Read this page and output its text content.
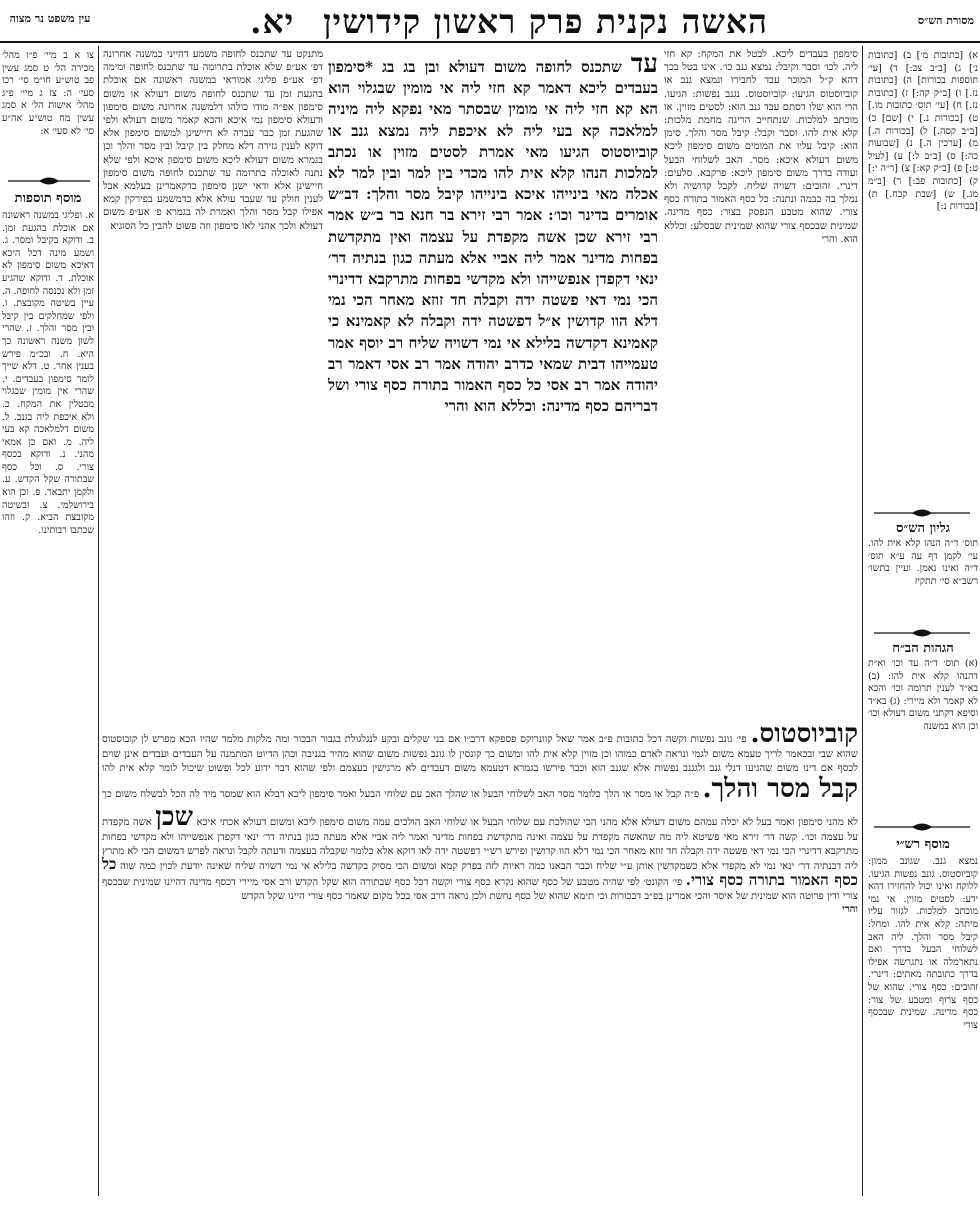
מסורת הש״ס
האשה נקנית פרק ראשון קידושין
יא.
עין משפט נר מצוה
א) [כתובות מ׳] ב) [כתובות נ׳] ג) [ב״ב צב:] ד) [עי׳ תוספות בכורות] ה) [כתובות נז.] ו) [ב״ק קה:] ז) [כתובות נז.] ח) [עי׳ תוס׳ כתובות מו.] ט) [בכורות נ.] י) [שם] כ) [ב״ב קסה.] ל) [בכורות ה.] מ) [ערכין ה.] נ) [שבועות כה:] ס) [ב״ב ל:] ע) [לעיל ט:] פ) [ב״ק קא:] צ) [ר״ה י:] ק) [כתובות פב:] ר) [ב״מ מג.] ש) [שבת קכח.] ת) [בכורות נ:]
גליון הש״ס
תוס׳ ד״ה הנהו קלא אית להו. עי׳ לקמן דף עה ע״א תוס׳ ד״ה ואינו נאמן. ועיין בתשו׳ רשב״א סי׳ תתקיז
הגהות הב״ח
(א) תוס׳ ד״ה עד וכו׳ וא״ת דהנהו קלא אית להו: (ב) בא״ד לענין תרומה וכו׳ והכא לא קאמר ולא מיירי: (ג) בא״ד וסיפא דקתני משום דעולא וכו׳ וכן הוא במשנה
מוסף רש״י
נמצא גנב. שגונב ממון: קוביוסטוס. גונב נפשות הגיעו. ללוקח ואינו יכול להחזירו דהא ידע: לסטים מזוין. אי נמי מוכתב למלכות. לגזור עליו מיתה: קלא אית להו. ומחל: קיבל מסר והלך. ליה האב לשלוחי הבעל בדרך ואם נתארמלה או נתגרשה אפילו בדרך כתובתה מאתים: דינרי. זהובים: כסף צורי. שהוא של כסף צרוף ומטבע של צור: כסף מדינה. שמינית שבכסף צורי
צו א ב מיי׳ פ״ו מהל׳ מכירה הל׳ ט סמג עשין פב טוש״ע חו״מ סי׳ רכו סעי׳ ה: צז ג מיי׳ פ״ג מהל׳ אישות הל׳ א סמג עשין מח טוש״ע אה״ע סי׳ לא סעי׳ א:
מוסף תוספות
א. ופליגי במשנה ראשונה אם אוכלת בהגעת זמן. ב. ודוקא בקיבל ומסר. ג. ושמע מינה דכל היכא דאיכא משום סימפון לא אוכלת. ד. ודוקא שהגיע זמן ולא נכנסה לחופה. ה. עיין בשיטה מקובצת. ו. ולפי שמחלקים בין קיבל ובין מסר והלך. ז. שהרי לשון משנה ראשונה כך היא. ח. ובכ״מ פירש בענין אחר. ט. דלא שייך לומר סימפון בעבדים. י. שהרי אין מומין שבגלוי מבטלין את המקח. כ. ולא איכפת ליה בגנב. ל. משום דלמלאכה קא בעי ליה. מ. ואם כן אמאי מהני. נ. ודוקא בכסף צורי. ס. וכל כסף שבתורה שקל הקדש. ע. ולקמן יתבאר. פ. וכן הוא בירושלמי. צ. ובשיטה מקובצת הביא. ק. וזהו שכתבו רבותינו.
סימפון בעבדים ליכא. לבטל את המקח: קא חזי ליה. לכו׳ וסבר וקיבל: נמצא גנב כו׳. אינו בטל בכך דהא ק״ל המוכר עבד לחבירו ונמצא גנב או קוביוסטוס הגיעו: קוביוסטוס. נגנב נפשות: הגיעו. הרי הוא שלו דסתם עבד גנב הוא: לסטים מזוין. או מוכתב למלכות. שנתחייב הריגה מחמת מלכות: קלא אית להו. וסבר וקבל: קיבל מסר והלך. סימן הוא: קיבל עליו את המומים משום סימפון ליכא משום דעולא איכא: מסר. האב לשלוחי הבעל ועודה בדרך משום סימפון ליכא: פרקבא. סלעים: דינרי. זהובים: דשויה שליח. לקבל קדושיה ולא נמלך בה כבמה ונתנה: כל כסף האמור בתורה כסף צורי. שהוא מטבע הנפסק בצור: כסף מדינה. שמינית שבכסף צורי שהוא שמינית שבסלע: וכללא הוא. והרי
עד שתכנס לחופה משום דעולא ובן בג בג *סימפון בעבדים ליכא דאמר קא חזי ליה אי מומין שבגלוי הוא הא קא חזי ליה אי מומין שבסתר מאי נפקא ליה מיניה למלאכה קא בעי ליה לא איכפת ליה נמצא גנב או קוביוסטוס הגיעו מאי אמרת לסטים מזוין או נכתב למלכות הנהו קלא אית להו מכדי בין למר ובין למר לא אכלה מאי בינייהו איכא בינייהו קיבל מסר והלך: דב״ש אומרים בדינר וכו׳: אמר רבי זירא בר חנא בר ב״ש אמר רבי זירא שכן אשה מקפדת על עצמה ואין מתקדשת בפחות מדינר אמר ליה אביי אלא מעתה כגון בנתיה דר׳ ינאי דקפדן אנפשייהו ולא מקדשי בפחות מתרקבא דדינרי הכי נמי דאי פשטה ידה וקבלה חד זוזא מאחר הכי נמי דלא הוו קדושין א״ל דפשטה ידה וקבלה לא קאמינא כי קאמינא דקדשה בלילא אי נמי דשויה שליח רב יוסף אמר טעמייהו דבית שמאי כדרב יהודה אמר רב אסי דאמר רב יהודה אמר רב אסי כל כסף האמור בתורה כסף צורי ושל דבריהם כסף מדינה: וכללא הוא והרי
מתנקט עד שתכנס לחופה משמע דהייני כמשנה אחרונה דפ׳ אע״פ שלא אוכלת בתרומה עד שתכנס לחופה ומימה דפ׳ אע״פ פליגי אמוראי במשנה ראשונה אם אוכלת בהגעת זמן עד שתכנס לחופה משום דעולא או משום סימפון אפ״ה מודו כולהו דלמשנה אחרונה משום סימפון ודעולא סימפון נמי איכא והכא קאמר משום דעולא ולפי שהגעת זמן כבר עברה לא חיישינן למשום סימפון אלא דוקא לענין גזירה דלא מחלק בין קיבל ובין מסר והלך וכן בגמרא משום דעולא ליכא משום סימפון איכא ולפי שלא נתנה לאוכלה בתרומה עד שתכנס לחופה משום סימפון חיישינן אלא ודאי ישנן סימפון כדקאמרינן בעלמא אבל לענין חולק עד שעבד עולא אלא כדמשמע בפירקין קמא אפילו קבל מסר והלך ואמרת לה בגמרא פ׳ אע״פ משום דעולא ולכך אהני לאו סימפון וזה פשוט להבין כל הסוגיא
קוביוסטוס. פי׳ גונב נפשות וקשה דכל כתובות פ״ב אמר שאל קוונרוקס פספקא דרב״ו אם בני שקלים ובקע לנגלגולת בגבור הבכור ומה מלקות מלמד שהיו הכא מפרש לן קובוסטוס שהוא שבי ובכאמר לריך טעמא משום לגמי ונראה לאדם כמוהו וכן מזוין קלא אית להו ומשום כך קונסין לו גונב נפשות משום שהוא מהיר בגניבה וכהן הדיוט המתמנה על העבדים ועבדים אינן שוים לכסף אם דינו משום שהגיעו דנלי גנב ולגגנב נפשות אלא שגנב הוא וכבר פירשו בגמרא דטעמא משום דעבדים לא מרגישין בעצמם ולפי שהוא דבר ידוע לכל ופשוט שיכול לומר קלא אית להו קבל מסר והלך. פ״ה קבל או מסר או הלך כלומר מסר האב לשלוחי הבעל או שהלך האב עם שלוחי הבעל ואמר סימפון ליכא דבלא הוא שמסר מיד לה הכל לבשלח משום כך לא מהני סימפון ואמר בעל לא יכלה עמהם משום דעולא אלא מהני הכי שהולכת עם שלוחי הבעל או שלוחי האב הולכים עמה משום סימפון ליכא ומשום דעולא אכתי איכא שכן אשה מקפדת על עצמה וכו׳. קשה דר׳ זירא מאי פשיטא ליה מה שהאשה מקפדת על עצמה ואינה מתקדשת בפחות מדינר ואמר ליה אביי אלא מעתה כגון בנתיה דר׳ ינאי דקפדן אנפשייהו ולא מקדשי בפחות מתרקבא דדינרי הכי נמי דאי פשטה ידה וקבלה חד זוזא מאחר הכי נמי דלא הוו קדושין ופירש רש״י דפשטה ידה לאו דוקא אלא כלומר שקבלה בעצמה ודעתה לקבל ונראה לפרש דמשום הכי לא מתרץ ליה דבנתיה דר׳ ינאי נמי לא מקפדי אלא כשמקדשין אותן ע״י שליח וכבר הבאנו כמה ראיות לזה בפרק קמא ומשום הכי מסיק בקדשה בלילא אי נמי דשויה שליח שאינה יודעת לכוין כמה שוה כל כסף האמור בתורה כסף צורי. פי׳ הקונט׳ לפי שהיה מטבע של כסף שהוא נקרא כסף צורי וקשה דכל כסף שבתורה הוא שקל הקדש ורב אסי מיירי דכסף מדינה דהיינו שמינית שבכסף צורי ודין פרוטה הוא שמינית של איסר והכי אמרינן בפ״ב דבכורות וכי תימא שהוא של כסף נחשת ולכן נראה דרב אסי בכל מקום שאמר כסף צורי היינו שקל הקדש
והרי
